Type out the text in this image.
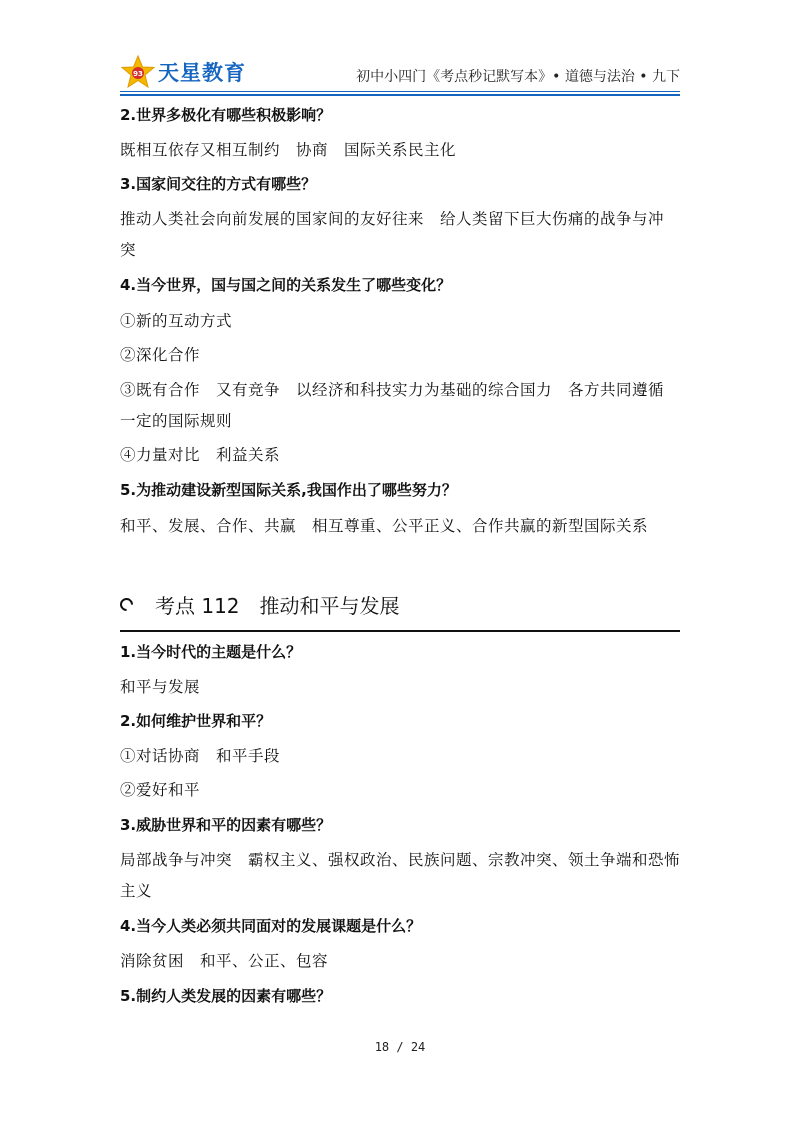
93 天星教育	初中小四门《考点秒记默写本》• 道德与法治 • 九下
2.世界多极化有哪些积极影响？
既相互依存又相互制约　协商　国际关系民主化
3.国家间交往的方式有哪些？
推动人类社会向前发展的国家间的友好往来　给人类留下巨大伤痛的战争与冲
突
4.当今世界，国与国之间的关系发生了哪些变化？
①新的互动方式
②深化合作
③既有合作　又有竞争　以经济和科技实力为基础的综合国力　各方共同遵循
一定的国际规则
④力量对比　利益关系
5.为推动建设新型国际关系,我国作出了哪些努力？
和平、发展、合作、共赢　相互尊重、公平正义、合作共赢的新型国际关系
考点 112　推动和平与发展
1.当今时代的主题是什么？
和平与发展
2.如何维护世界和平？
①对话协商　和平手段
②爱好和平
3.威胁世界和平的因素有哪些？
局部战争与冲突　霸权主义、强权政治、民族问题、宗教冲突、领土争端和恐怖
主义
4.当今人类必须共同面对的发展课题是什么？
消除贫困　和平、公正、包容
5.制约人类发展的因素有哪些？
18 / 24
